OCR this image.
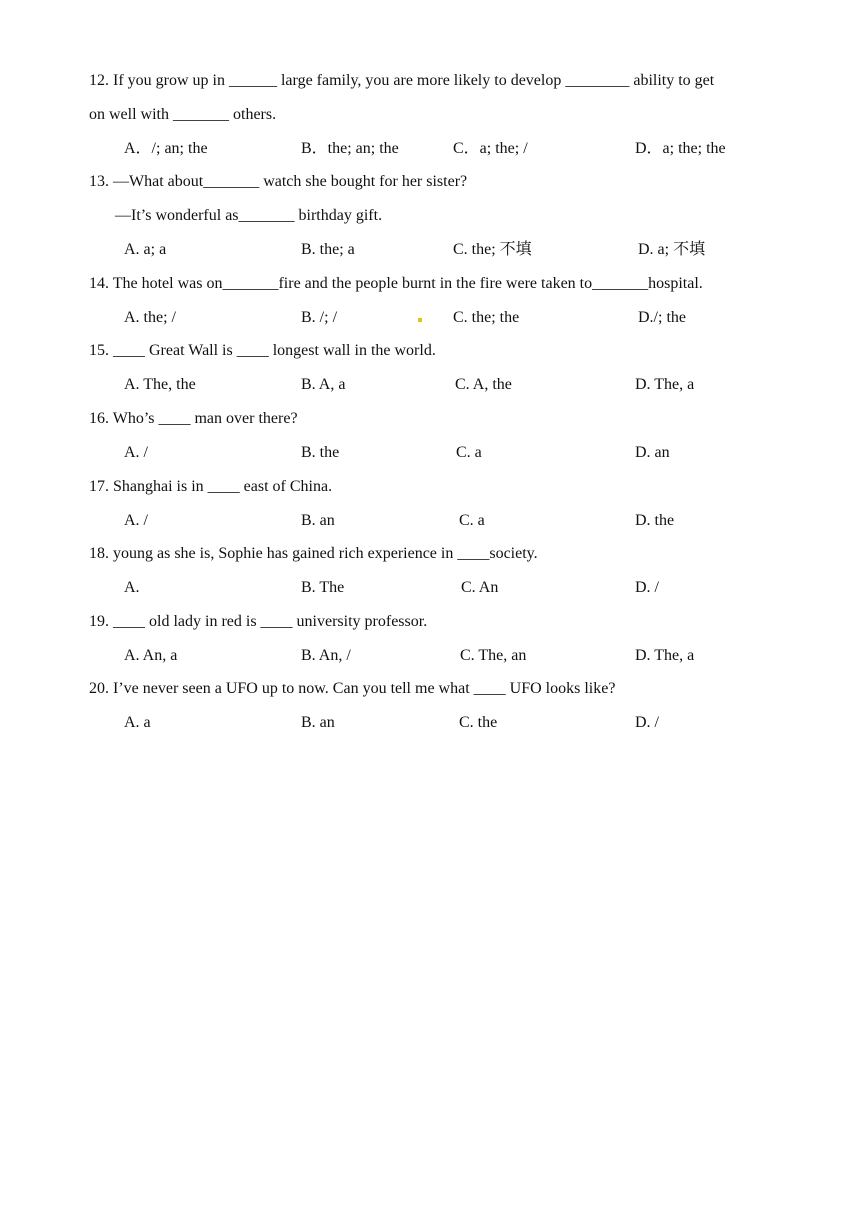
12. If you grow up in ______ large family, you are more likely to develop ________ ability to get
on well with _______ others.
A．/; an; the	B．the; an; the	C．a; the; /	D．a; the; the
13. —What about_______ watch she bought for her sister?
—It’s wonderful as_______ birthday gift.
A. a; a	B. the; a	C. the; 不填	D. a; 不填
14. The hotel was on_______fire and the people burnt in the fire were taken to_______hospital.
A. the; /	B. /; /	C. the; the	D./; the
15. ____ Great Wall is ____ longest wall in the world.
A. The, the	B. A, a	C. A, the	D. The, a
16. Who’s ____ man over there?
A. /	B. the	C. a	D. an
17. Shanghai is in ____ east of China.
A. /	B. an	C. a	D. the
18. young as she is, Sophie has gained rich experience in ____society.
A.	B. The	C. An	D. /
19. ____ old lady in red is ____ university professor.
A. An, a	B. An, /	C. The, an	D. The, a
20. I’ve never seen a UFO up to now. Can you tell me what ____ UFO looks like?
A. a	B. an	C. the	D. /
